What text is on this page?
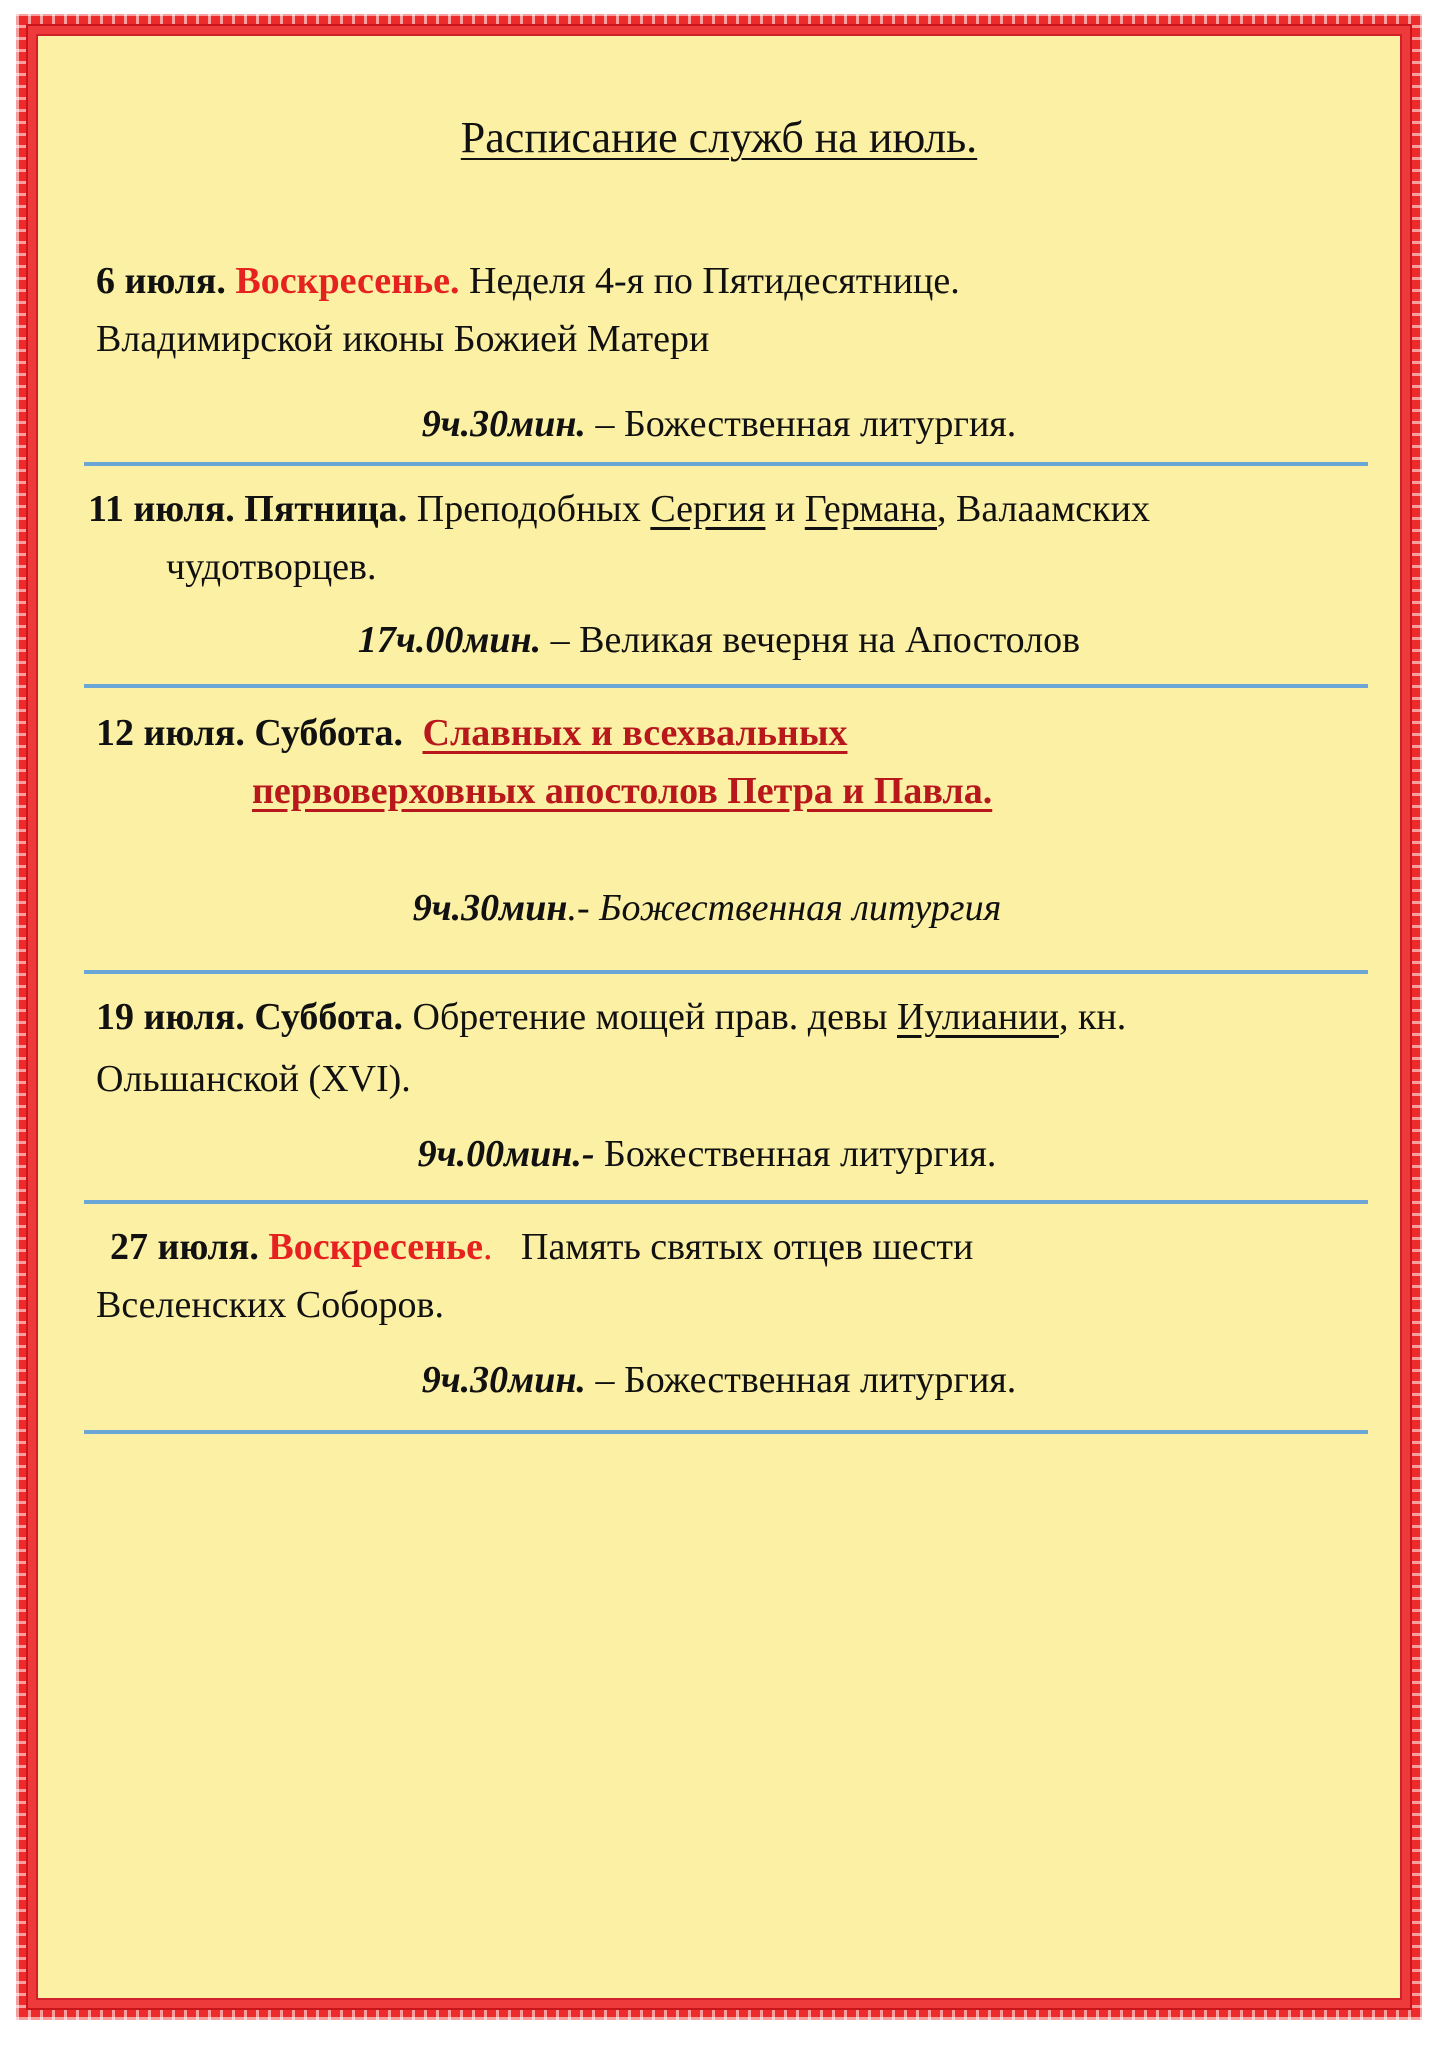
Расписание служб на июль.
6 июля. Воскресенье. Неделя 4-я по Пятидесятнице.
Владимирской иконы Божией Матери
9ч.30мин. – Божественная литургия.
11 июля. Пятница. Преподобных Сергия и Германа, Валаамских
чудотворцев.
17ч.00мин. – Великая вечерня на Апостолов
12 июля. Суббота. Славных и всехвальных
первоверховных апостолов Петра и Павла.
9ч.30мин.- Божественная литургия
19 июля. Суббота. Обретение мощей прав. девы Иулиании, кн.
Ольшанской (XVI).
9ч.00мин.- Божественная литургия.
27 июля. Воскресенье.   Память святых отцев шести
Вселенских Соборов.
9ч.30мин. – Божественная литургия.
